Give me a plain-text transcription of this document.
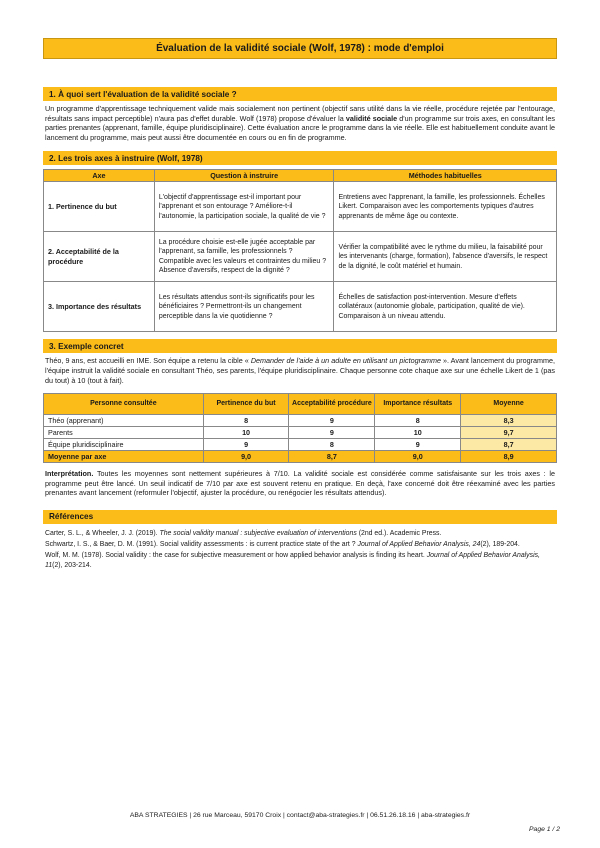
Évaluation de la validité sociale (Wolf, 1978) : mode d'emploi
1. À quoi sert l'évaluation de la validité sociale ?
Un programme d'apprentissage techniquement valide mais socialement non pertinent (objectif sans utilité dans la vie réelle, procédure rejetée par l'entourage, résultats sans impact perceptible) n'aura pas d'effet durable. Wolf (1978) propose d'évaluer la validité sociale d'un programme sur trois axes, en consultant les parties prenantes (apprenant, famille, équipe pluridisciplinaire). Cette évaluation ancre le programme dans la vie réelle. Elle est habituellement conduite avant le lancement du programme, mais peut aussi être documentée en cours ou en fin de programme.
2. Les trois axes à instruire (Wolf, 1978)
Axe	Question à instruire	Méthodes habituelles
1. Pertinence du but	L'objectif d'apprentissage est-il important pour l'apprenant et son entourage ? Améliore-t-il l'autonomie, la participation sociale, la qualité de vie ?	Entretiens avec l'apprenant, la famille, les professionnels. Échelles Likert. Comparaison avec les comportements typiques d'autres apprenants de même âge ou contexte.
2. Acceptabilité de la procédure	La procédure choisie est-elle jugée acceptable par l'apprenant, sa famille, les professionnels ? Compatible avec les valeurs et contraintes du milieu ? Absence d'aversifs, respect de la dignité ?	Vérifier la compatibilité avec le rythme du milieu, la faisabilité pour les intervenants (charge, formation), l'absence d'aversifs, le respect de la dignité, le coût matériel et humain.
3. Importance des résultats	Les résultats attendus sont-ils significatifs pour les bénéficiaires ? Permettront-ils un changement perceptible dans la vie quotidienne ?	Échelles de satisfaction post-intervention. Mesure d'effets collatéraux (autonomie globale, participation, qualité de vie). Comparaison à un niveau attendu.
3. Exemple concret
Théo, 9 ans, est accueilli en IME. Son équipe a retenu la cible « Demander de l'aide à un adulte en utilisant un pictogramme ». Avant lancement du programme, l'équipe instruit la validité sociale en consultant Théo, ses parents, l'équipe pluridisciplinaire. Chaque personne cote chaque axe sur une échelle Likert de 1 (pas du tout) à 10 (tout à fait).
Personne consultée	Pertinence du but	Acceptabilité procédure	Importance résultats	Moyenne
Théo (apprenant)	8	9	8	8,3
Parents	10	9	10	9,7
Équipe pluridisciplinaire	9	8	9	8,7
Moyenne par axe	9,0	8,7	9,0	8,9
Interprétation. Toutes les moyennes sont nettement supérieures à 7/10. La validité sociale est considérée comme satisfaisante sur les trois axes : le programme peut être lancé. Un seuil indicatif de 7/10 par axe est souvent retenu en pratique. En deçà, l'axe concerné doit être réexaminé avec les parties prenantes avant lancement (reformuler l'objectif, ajuster la procédure, ou renégocier les résultats attendus).
Références

Carter, S. L., & Wheeler, J. J. (2019). The social validity manual : subjective evaluation of interventions (2nd ed.). Academic Press.

Schwartz, I. S., & Baer, D. M. (1991). Social validity assessments : is current practice state of the art ? Journal of Applied Behavior Analysis, 24(2), 189-204.

Wolf, M. M. (1978). Social validity : the case for subjective measurement or how applied behavior analysis is finding its heart. Journal of Applied Behavior Analysis, 11(2), 203-214.

ABA STRATEGIES | 26 rue Marceau, 59170 Croix | contact@aba-strategies.fr | 06.51.26.18.16 | aba-strategies.fr
Page 1 / 2
